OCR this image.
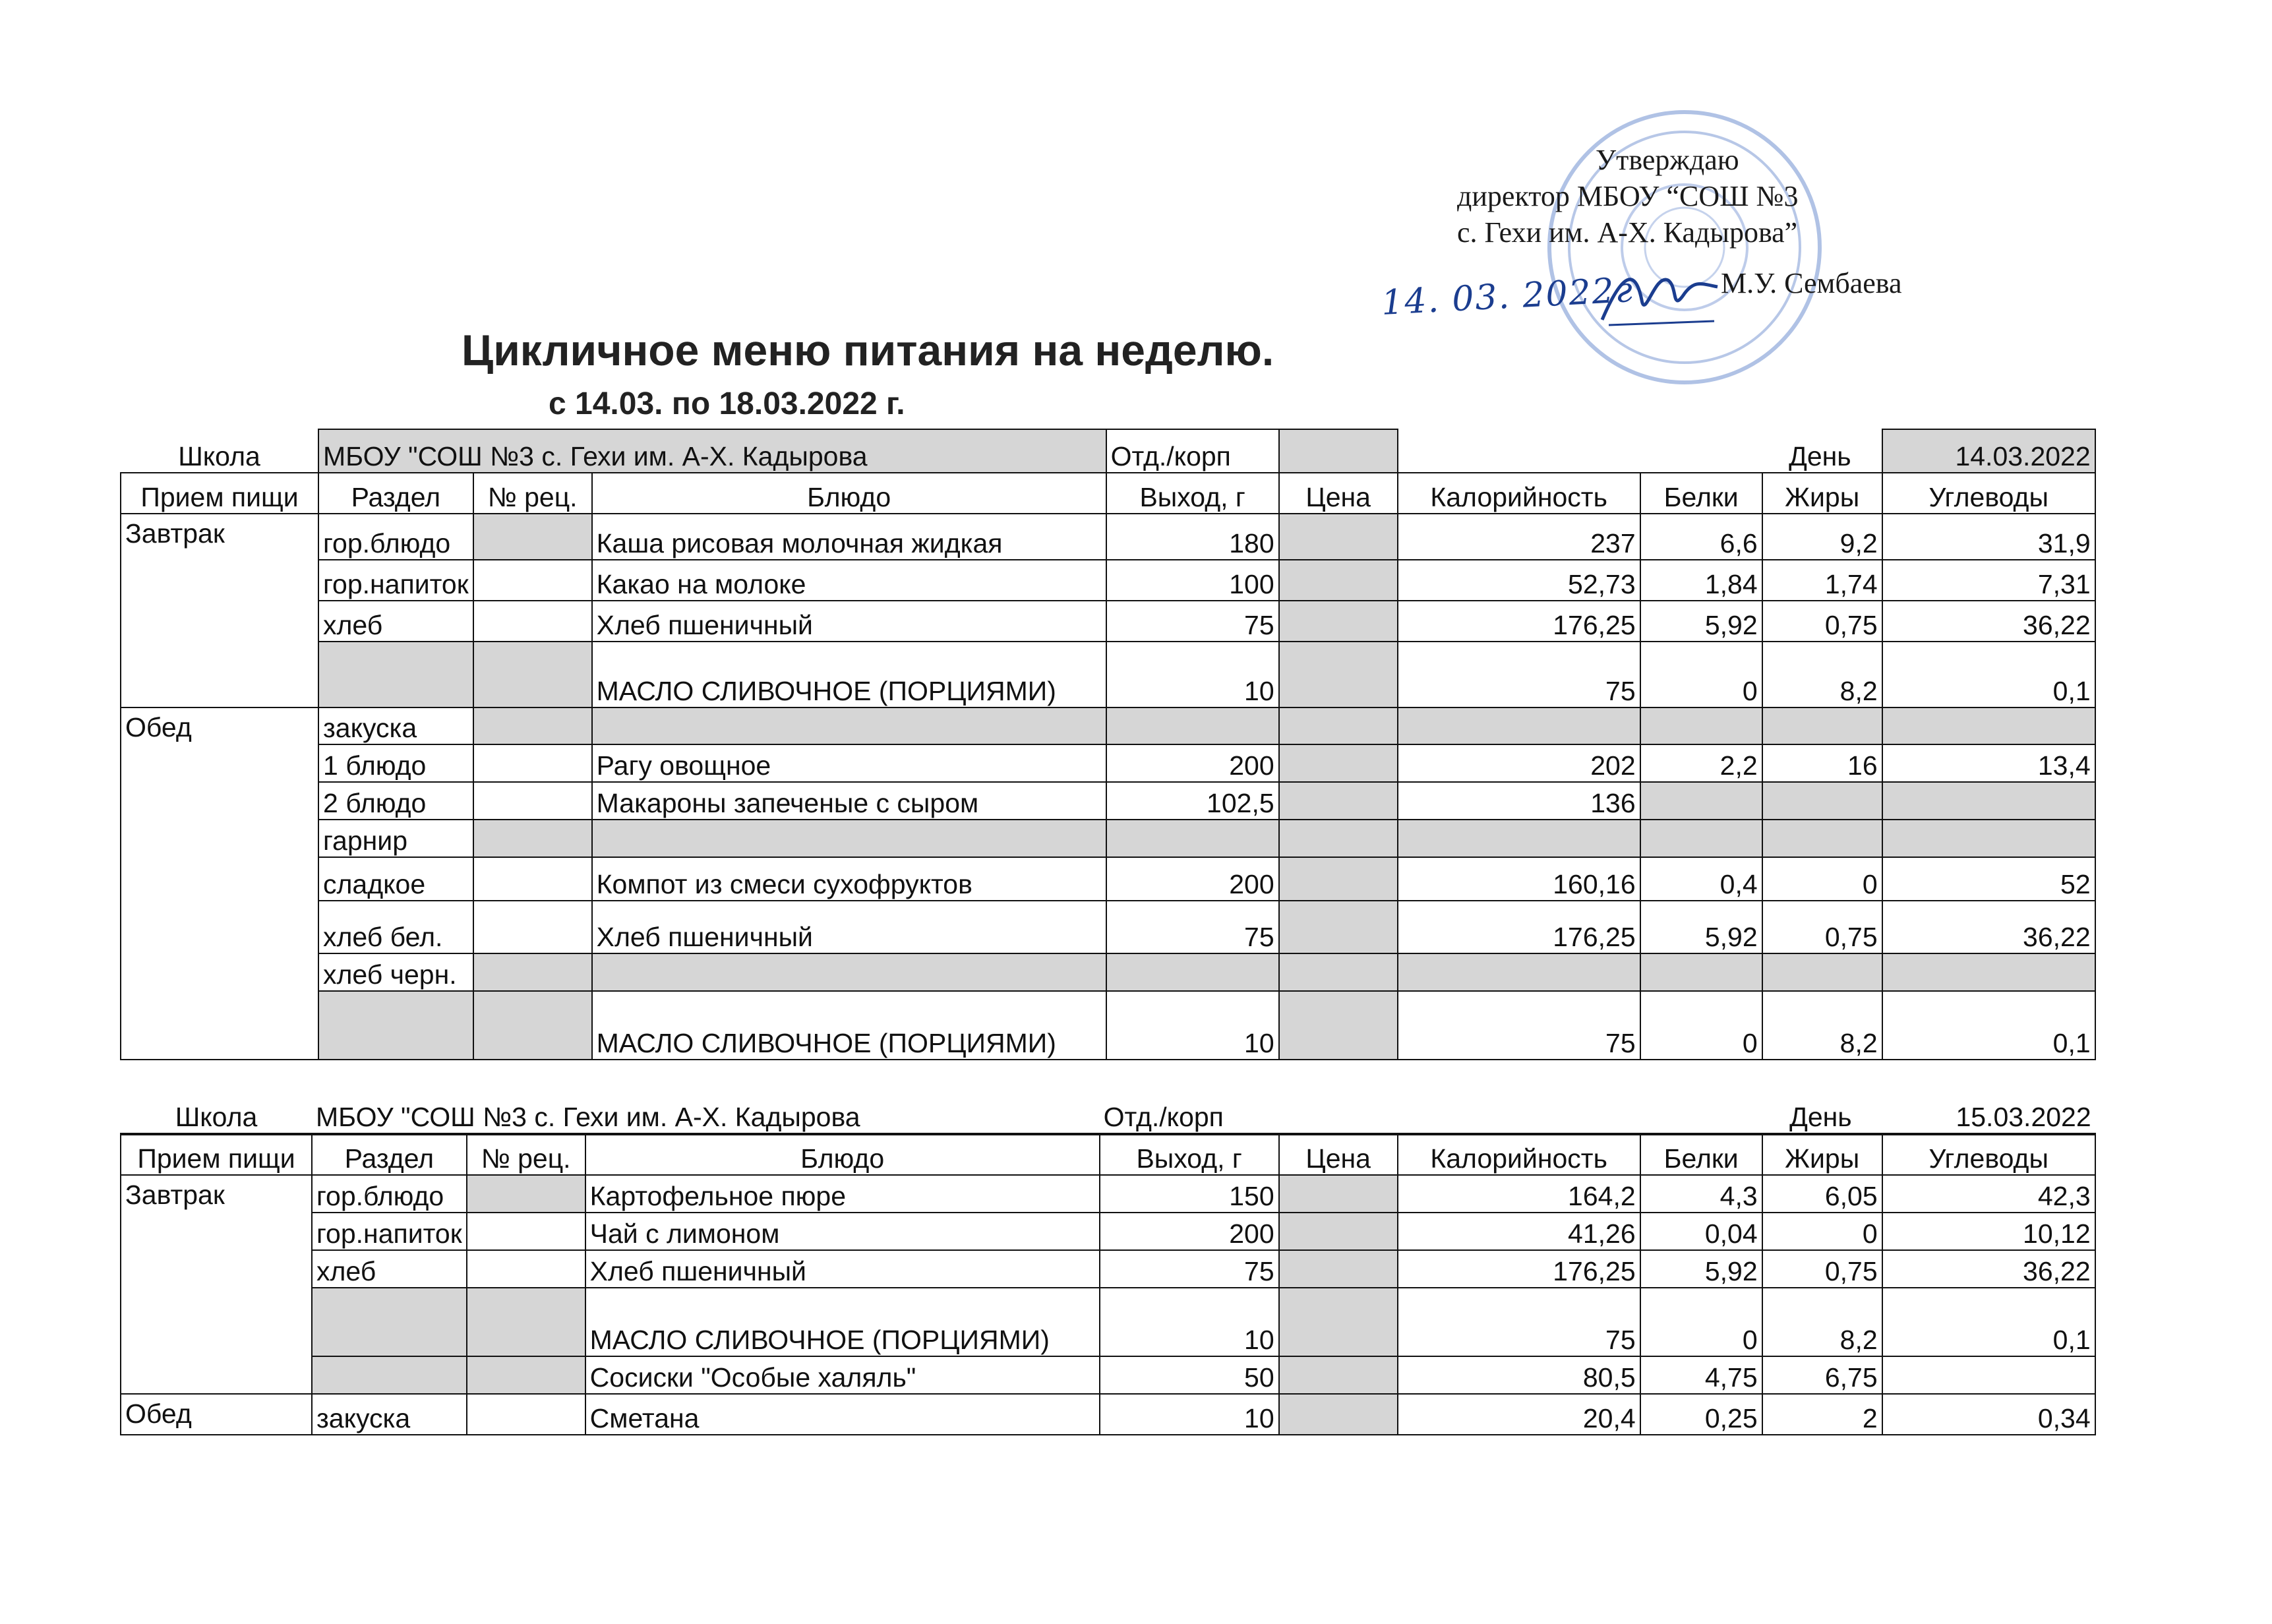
Утверждаю
директор МБОУ “СОШ №3
с. Гехи им. А-Х. Кадырова”
М.У. Сембаева
14. 03. 2022г
Цикличное меню питания на неделю.
с 14.03. по 18.03.2022 г.
Школа	МБОУ "СОШ №3 с. Гехи им. А-Х. Кадырова			Отд./корп		День			14.03.2022
Прием пищи	Раздел	№ рец.	Блюдо	Выход, г	Цена	Калорийность	Белки	Жиры	Углеводы
Завтрак	гор.блюдо		Каша рисовая молочная жидкая	180		237	6,6	9,2	31,9
	гор.напиток		Какао на молоке	100		52,73	1,84	1,74	7,31
	хлеб		Хлеб пшеничный	75		176,25	5,92	0,75	36,22
			МАСЛО СЛИВОЧНОЕ (ПОРЦИЯМИ)	10		75	0	8,2	0,1
Обед	закуска								
	1 блюдо		Рагу овощное	200		202	2,2	16	13,4
	2 блюдо		Макароны запеченые с сыром	102,5		136			
	гарнир								
	сладкое		Компот из смеси сухофруктов	200		160,16	0,4	0	52
	хлеб бел.		Хлеб пшеничный	75		176,25	5,92	0,75	36,22
	хлеб черн.								
			МАСЛО СЛИВОЧНОЕ (ПОРЦИЯМИ)	10		75	0	8,2	0,1
Школа	МБОУ "СОШ №3 с. Гехи им. А-Х. Кадырова			Отд./корп		День			15.03.2022
Прием пищи	Раздел	№ рец.	Блюдо	Выход, г	Цена	Калорийность	Белки	Жиры	Углеводы
Завтрак	гор.блюдо		Картофельное пюре	150		164,2	4,3	6,05	42,3
	гор.напиток		Чай с лимоном	200		41,26	0,04	0	10,12
	хлеб		Хлеб пшеничный	75		176,25	5,92	0,75	36,22
			МАСЛО СЛИВОЧНОЕ (ПОРЦИЯМИ)	10		75	0	8,2	0,1
			Сосиски "Особые халяль"	50		80,5	4,75	6,75	
Обед	закуска		Сметана	10		20,4	0,25	2	0,34
